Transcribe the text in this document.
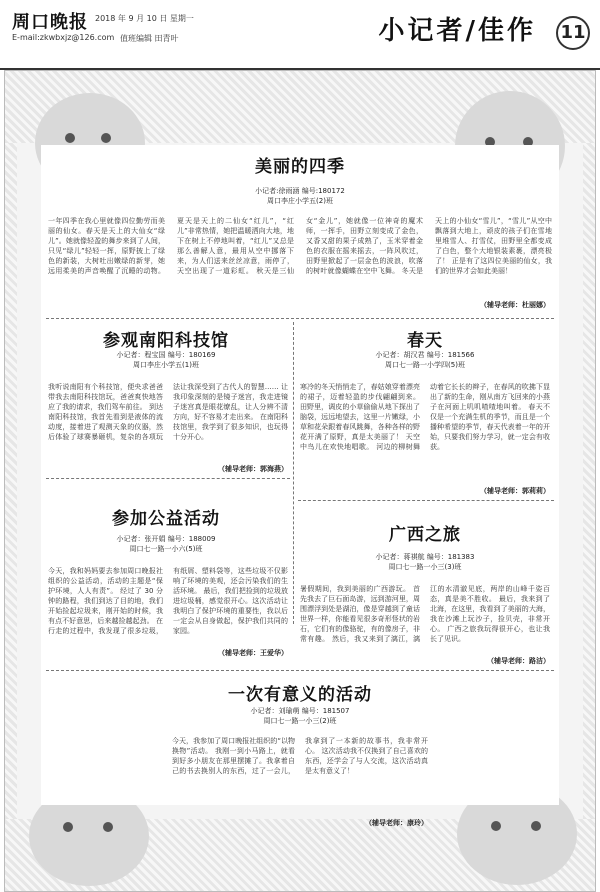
周口晚报 2018 年 9 月 10 日 星期一
E-mail:zkwbxjz@126.com 值班编辑 田青叶	小记者/佳作 11
美丽的四季
小记者:徐雨涵 编号:180172
周口李庄小学五(2)班
一年四季在我心里就像四位勤劳而美丽的仙女。春天是天上的大仙女“绿儿”。她就像轻盈的舞步来到了人间，只见“绿儿”轻轻一挥，原野披上了绿色的新装，大树吐出嫩绿的新芽，她远用柔美的声音唤醒了沉睡的动物。 夏天是天上的二仙女“红儿”，“红儿”非常热情，她把温暖洒向大地，地下在树上不停地叫着，“红儿”又总是那么善解人意，最用从空中挪落下来，为人们送来丝丝凉意，雨停了，天空出现了一道彩虹。 秋天是三仙女“金儿”，她就像一位神奇的魔术师，一挥手，田野立刻变成了金色，又香又甜的果子成熟了，玉米穿着金色的衣服在摇来摇去，一阵风吹过，田野里掀起了一层金色的波浪，吹落的树叶就像蝴蝶在空中飞舞。 冬天是天上的小仙女“雪儿”，“雪儿”从空中飘落到大地上，顽皮的孩子们在雪地里堆雪人、打雪仗，田野里全都变成了白色，整个大地银装素裹，漂亮极了！ 正是有了这四位美丽的仙女，我们的世界才会如此美丽！
（辅导老师：杜丽娜）
参观南阳科技馆
小记者：程宝国 编号：180169
周口李庄小学五(1)班
我听说南阳有个科技馆，便央求爸爸带我去南阳科技馆玩，爸爸爽快地答应了我的请求，我们驾车前往。 到达南阳科技馆，我首先看到是液体的流动度，接着进了观测天象的仪器，然后体验了球赛暴砸机，复杂的各项玩法让我深受到了古代人的智慧…… 让我印象深刻的是镜子迷宫，我走进镜子迷宫真是眼花缭乱，让人分辨不清方向，好不容易才走出来。 在南阳科技馆里，我学到了很多知识，也玩得十分开心。
（辅导老师：郭海燕）
春天
小记者：胡汉君 编号：181566
周口七一路一小学四(5)班
寒冷的冬天悄悄走了，春姑娘穿着漂亮的裙子，迈着轻盈的步伐翩翩到来。 田野里，调皮的小草偷偷从地下探出了脑袋，远远地望去，这里一片嫩绿，小草和花朵跟着春风跳舞，各种各样的野花开满了原野，真是太美丽了！ 天空中鸟儿在欢快地唱歌。 河边的柳树舞动着它长长的辫子，在春风的吹拂下显出了新的生命，刚从南方飞回来的小燕子在河面上叽叽喳喳地叫着。 春天不仅是一个充满生机的季节，而且是一个播种希望的季节，春天代表着一年的开始，只要我们努力学习，就一定会有收获。
（辅导老师：郭莉莉）
参加公益活动
小记者：张开娟 编号：188009
周口七一路一小六(5)班
今天，我和妈妈要去参加周口晚报社组织的公益活动，活动的主题是“保护环境，人人有责”。 经过了 30 分钟的路程，我们到达了目的地，我们开始捡起垃圾来，刚开始的时候，我有点不好意思，后来越捡越起劲。 在行走的过程中，我发现了很多垃圾，有纸屑、塑料袋等，这些垃圾不仅影响了环境的美观，还会污染我们的生活环境。 最后，我们把捡到的垃圾放进垃圾桶，感觉很开心。这次活动让我明白了保护环境的重要性，我以后一定会从自身做起，保护我们共同的家园。
（辅导老师：王爱华）
广西之旅
小记者：蒋祺航 编号：181383
周口七一路一小三(3)班
暑假期间，我到美丽的广西游玩。 首先我去了巨石面岛游，远到游河里，周围漂浮到处是湖泊，像是穿越到了童话世界一样，你能看见很多奇形怪状的岩石，它们有的像骆驼，有的像房子，非常有趣。 然后，我又来到了漓江，漓江的水清澈见底，两岸的山峰千姿百态，真是美不胜收。 最后，我来到了北海，在这里，我看到了美丽的大海，我在沙滩上玩沙子，捡贝壳，非常开心。 广西之旅我玩得很开心，也让我长了见识。
（辅导老师：路洁）
一次有意义的活动
小记者：刘瑜萌 编号：181507
周口七一路一小三(2)班
今天，我参加了周口晚报社组织的“以物换物”活动。 我刚一到小马路上，就看到好多小朋友在那里摆摊了。我拿着自己的书去换别人的东西，过了一会儿，我拿到了一本新的故事书，我非常开心。 这次活动我不仅换到了自己喜欢的东西，还学会了与人交流，这次活动真是太有意义了！
（辅导老师：康玲）
